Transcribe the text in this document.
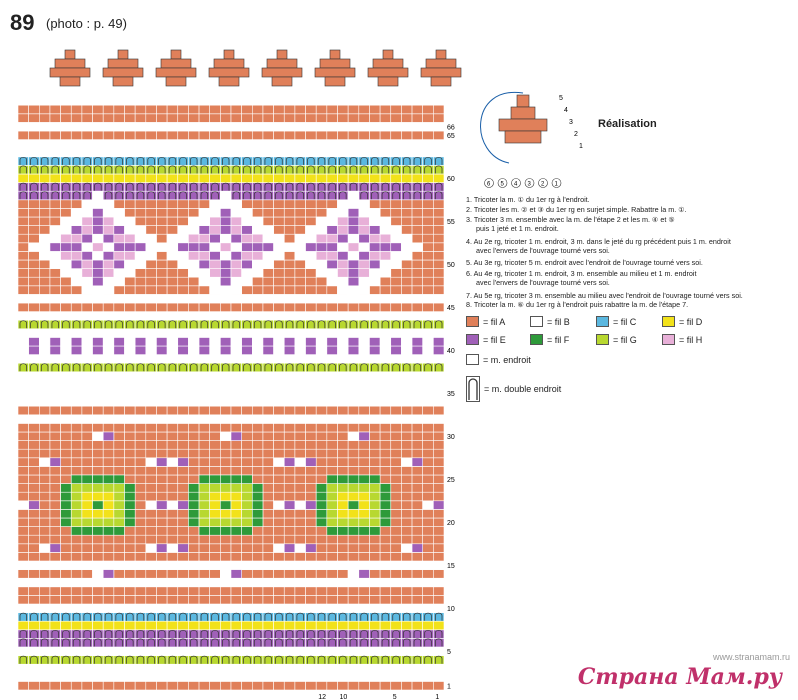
89 (photo : p. 49)
66
65
60
55
50
45
40
35
30
25
20
15
10
5
1
12 10	5	1
5
4
3
2
1
6 5 4 3 2 1
Réalisation
1. Tricoter la m. ① du 1er rg à l'endroit.
2. Tricoter les m. ② et ③ du 1er rg en surjet simple. Rabattre la m. ①.
3. Tricoter 3 m. ensemble avec la m. de l'étape 2 et les m. ④ et ⑤
puis 1 jeté et 1 m. endroit.
4. Au 2e rg, tricoter 1 m. endroit, 3 m. dans le jeté du rg précédent puis 1 m. endroit
avec l'envers de l'ouvrage tourné vers soi.
5. Au 3e rg, tricoter 5 m. endroit avec l'endroit de l'ouvrage tourné vers soi.
6. Au 4e rg, tricoter 1 m. endroit, 3 m. ensemble au milieu et 1 m. endroit
avec l'envers de l'ouvrage tourné vers soi.
7. Au 5e rg, tricoter 3 m. ensemble au milieu avec l'endroit de l'ouvrage tourné vers soi.
8. Tricoter la m. ⑥ du 1er rg à l'endroit puis rabattre la m. de l'étape 7.
= fil A	= fil B	= fil C	= fil D
= fil E	= fil F	= fil G	= fil H
= m. endroit
= m. double endroit
www.stranamam.ru
Страна Мам.ру
